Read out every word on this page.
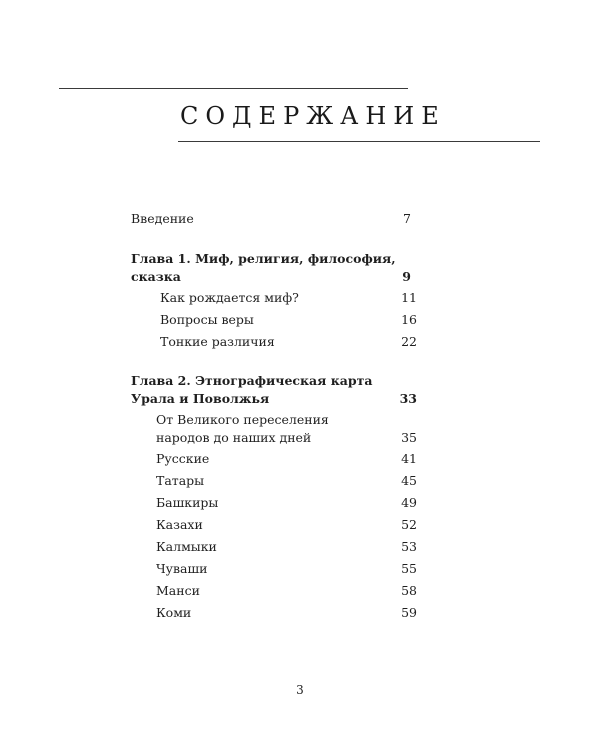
СОДЕРЖАНИЕ
Введение	7
Глава 1. Миф, религия, философия,
сказка	9
Как рождается миф?	11
Вопросы веры	16
Тонкие различия	22
Глава 2. Этнографическая карта
Урала и Поволжья	33
От Великого переселения
народов до наших дней	35
Русские	41
Татары	45
Башкиры	49
Казахи	52
Калмыки	53
Чуваши	55
Манси	58
Коми	59
3
